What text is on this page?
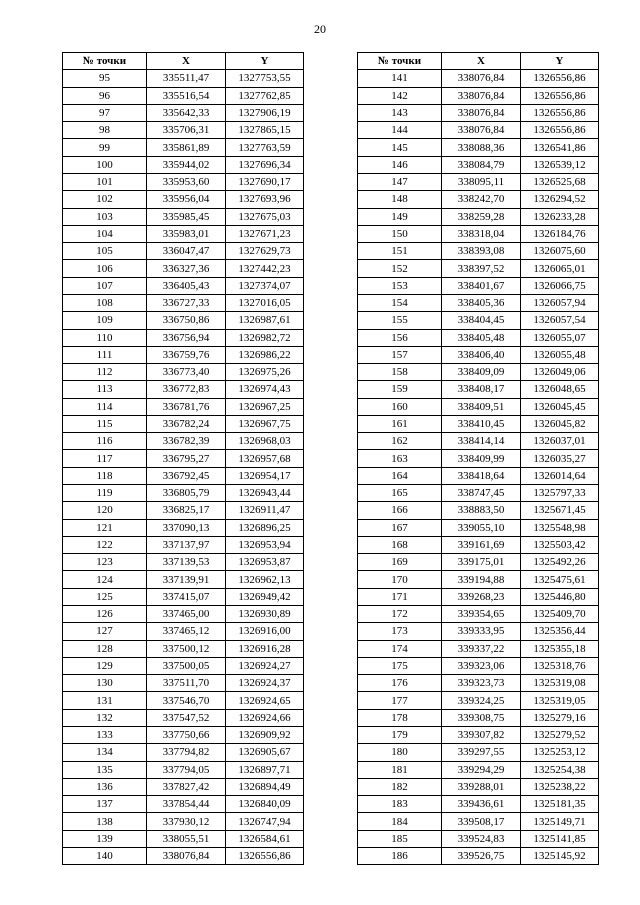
20
№ точки	X	Y
95	335511,47	1327753,55
96	335516,54	1327762,85
97	335642,33	1327906,19
98	335706,31	1327865,15
99	335861,89	1327763,59
100	335944,02	1327696,34
101	335953,60	1327690,17
102	335956,04	1327693,96
103	335985,45	1327675,03
104	335983,01	1327671,23
105	336047,47	1327629,73
106	336327,36	1327442,23
107	336405,43	1327374,07
108	336727,33	1327016,05
109	336750,86	1326987,61
110	336756,94	1326982,72
111	336759,76	1326986,22
112	336773,40	1326975,26
113	336772,83	1326974,43
114	336781,76	1326967,25
115	336782,24	1326967,75
116	336782,39	1326968,03
117	336795,27	1326957,68
118	336792,45	1326954,17
119	336805,79	1326943,44
120	336825,17	1326911,47
121	337090,13	1326896,25
122	337137,97	1326953,94
123	337139,53	1326953,87
124	337139,91	1326962,13
125	337415,07	1326949,42
126	337465,00	1326930,89
127	337465,12	1326916,00
128	337500,12	1326916,28
129	337500,05	1326924,27
130	337511,70	1326924,37
131	337546,70	1326924,65
132	337547,52	1326924,66
133	337750,66	1326909,92
134	337794,82	1326905,67
135	337794,05	1326897,71
136	337827,42	1326894,49
137	337854,44	1326840,09
138	337930,12	1326747,94
139	338055,51	1326584,61
140	338076,84	1326556,86
№ точки	X	Y
141	338076,84	1326556,86
142	338076,84	1326556,86
143	338076,84	1326556,86
144	338076,84	1326556,86
145	338088,36	1326541,86
146	338084,79	1326539,12
147	338095,11	1326525,68
148	338242,70	1326294,52
149	338259,28	1326233,28
150	338318,04	1326184,76
151	338393,08	1326075,60
152	338397,52	1326065,01
153	338401,67	1326066,75
154	338405,36	1326057,94
155	338404,45	1326057,54
156	338405,48	1326055,07
157	338406,40	1326055,48
158	338409,09	1326049,06
159	338408,17	1326048,65
160	338409,51	1326045,45
161	338410,45	1326045,82
162	338414,14	1326037,01
163	338409,99	1326035,27
164	338418,64	1326014,64
165	338747,45	1325797,33
166	338883,50	1325671,45
167	339055,10	1325548,98
168	339161,69	1325503,42
169	339175,01	1325492,26
170	339194,88	1325475,61
171	339268,23	1325446,80
172	339354,65	1325409,70
173	339333,95	1325356,44
174	339337,22	1325355,18
175	339323,06	1325318,76
176	339323,73	1325319,08
177	339324,25	1325319,05
178	339308,75	1325279,16
179	339307,82	1325279,52
180	339297,55	1325253,12
181	339294,29	1325254,38
182	339288,01	1325238,22
183	339436,61	1325181,35
184	339508,17	1325149,71
185	339524,83	1325141,85
186	339526,75	1325145,92
